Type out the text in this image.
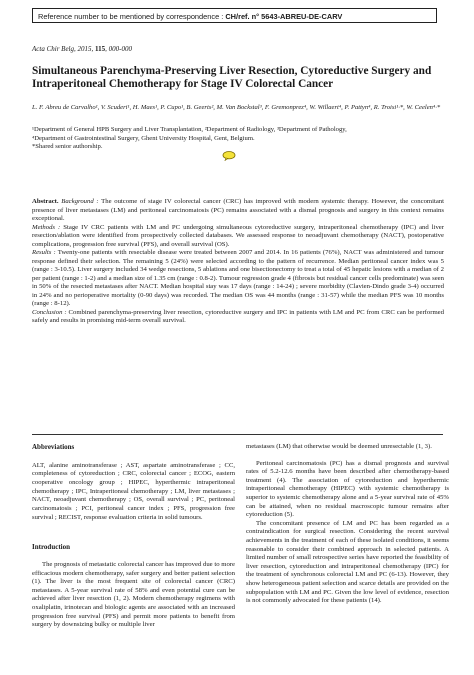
Reference number to be mentioned by correspondence : CH/ref. n° 5643-ABREU-DE-CARV
Acta Chir Belg, 2015, 115, 000-000
Simultaneous Parenchyma-Preserving Liver Resection, Cytoreductive Surgery and Intraperitoneal Chemotherapy for Stage IV Colorectal Cancer
L. F. Abreu de Carvalho¹, V. Scuderi¹, H. Maes¹, P. Cupo¹, B. Geerts², M. Van Bockstal³, F. Gremonprez⁴, W. Willaert⁴, P. Pattyn⁴, R. Troisi¹·*, W. Ceelen⁴·*
¹Department of General HPB Surgery and Liver Transplantation, ²Department of Radiology, ³Department of Pathology,
⁴Department of Gastrointestinal Surgery, Ghent University Hospital, Gent, Belgium.
*Shared senior authorship.

Abstract. Background : The outcome of stage IV colorectal cancer (CRC) has improved with modern systemic therapy. However, the concomitant presence of liver metastases (LM) and peritoneal carcinomatosis (PC) remains associated with a dismal prognosis and surgery in this context remains exceptional.

Methods : Stage IV CRC patients with LM and PC undergoing simultaneous cytoreductive surgery, intraperitoneal chemotherapy (IPC) and liver resection/ablation were identified from prospectively collected databases. We assessed response to neoadjuvant chemotherapy (NACT), postoperative complications, progression free survival (PFS), and overall survival (OS).

Results : Twenty-one patients with resectable disease were treated between 2007 and 2014. In 16 patients (76%), NACT was administered and tumour response defined their selection. The remaining 5 (24%) were selected according to the pattern of recurrence. Median peritoneal cancer index was 5 (range : 3-10.5). Liver surgery included 34 wedge resections, 5 ablations and one bisectionectomy to treat a total of 45 hepatic lesions with a median of 2 per patient (range : 1-2) and a median size of 1.35 cm (range : 0.8-2). Tumour regression grade 4 (fibrosis but residual cancer cells predominate) was seen in 50% of the resected metastases after NACT. Median hospital stay was 17 days (range : 14-24) ; severe morbidity (Clavien-Dindo grade 3-4) occurred in 24% and no perioperative mortality (0-90 days) was recorded. The median OS was 44 months (range : 31-57) while the median PFS was 10 months (range : 8-12).

Conclusion : Combined parenchyma-preserving liver resection, cytoreductive surgery and IPC in patients with LM and PC from CRC can be performed safely and results in promising mid-term overall survival.

Abbreviations

ALT, alanine aminotransferase ; AST, aspartate aminotransferase ; CC, completeness of cytoreduction ; CRC, colorectal cancer ; ECOG, eastern cooperative oncology group ; HIPEC, hyperthermic intraperitoneal chemotherapy ; IPC, Intraperitoneal chemotherapy ; LM, liver metastases ; NACT, neoadjuvant chemotherapy ; OS, overall survival ; PC, peritoneal carcinomatosis ; PCI, peritoneal cancer index ; PFS, progression free survival ; RECIST, response evaluation criteria in solid tumours.

Introduction

The prognosis of metastatic colorectal cancer has improved due to more efficacious modern chemotherapy, safer surgery and better patient selection (1). The liver is the most frequent site of colorectal cancer (CRC) metastases. A 5-year survival rate of 58% and even potential cure can be achieved after liver resection (1, 2). Modern chemotherapy regimens with oxaliplatin, irinotecan and biologic agents are associated with an increased progression free survival (PFS) and permit more patients to benefit from surgery by downsizing bulky or multiple liver

metastases (LM) that otherwise would be deemed unresectable (1, 3).

Peritoneal carcinomatosis (PC) has a dismal prognosis and survival rates of 5.2-12.6 months have been described after chemotherapy-based treatment (4). The association of cytoreduction and hyperthermic intraperitoneal chemotherapy (HIPEC) with systemic chemotherapy is superior to systemic chemotherapy alone and a 5-year survival rate of 45% can be attained, when no residual macroscopic tumour remains after cytoreduction (5).

The concomitant presence of LM and PC has been regarded as a contraindication for surgical resection. Considering the recent survival achievements in the treatment of each of these isolated conditions, it seems reasonable to consider their combined approach in selected patients. A limited number of small retrospective series have reported the feasibility of liver resection, cytoreduction and intraperitoneal chemotherapy (IPC) for the treatment of synchronous colorectal LM and PC (6-13). However, they show heterogeneous patient selection and scarce details are provided on the subpopulation with LM and PC. Given the low level of evidence, resection is not commonly advocated for these patients (14).
